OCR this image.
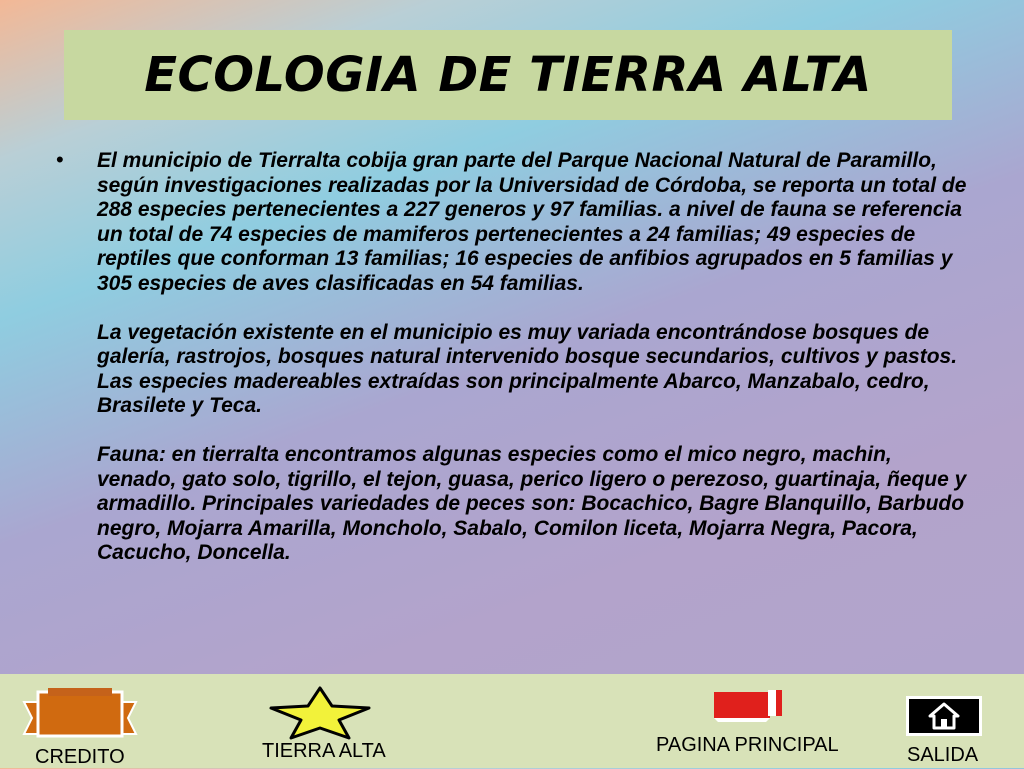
ECOLOGIA DE TIERRA ALTA
• El municipio de Tierralta cobija gran parte del Parque Nacional Natural de Paramillo, según investigaciones realizadas por la Universidad de Córdoba, se reporta un total de 288 especies pertenecientes a 227 generos y 97 familias. a nivel de fauna se referencia un total de 74 especies de mamiferos pertenecientes a 24 familias; 49 especies de reptiles que conforman 13 familias; 16 especies de anfibios agrupados en 5 familias y 305 especies de aves clasificadas en 54 familias.

La vegetación existente en el municipio es muy variada encontrándose bosques de galería, rastrojos, bosques natural intervenido bosque secundarios, cultivos y pastos. Las especies madereables extraídas son principalmente Abarco, Manzabalo, cedro, Brasilete y Teca.

Fauna: en tierralta encontramos algunas especies como el mico negro, machin, venado, gato solo, tigrillo, el tejon, guasa, perico ligero o perezoso, guartinaja, ñeque y armadillo. Principales variedades de peces son: Bocachico, Bagre Blanquillo, Barbudo negro, Mojarra Amarilla, Moncholo, Sabalo, Comilon liceta, Mojarra Negra, Pacora, Cacucho, Doncella.

CREDITO	TIERRA ALTA	PAGINA PRINCIPAL	SALIDA
